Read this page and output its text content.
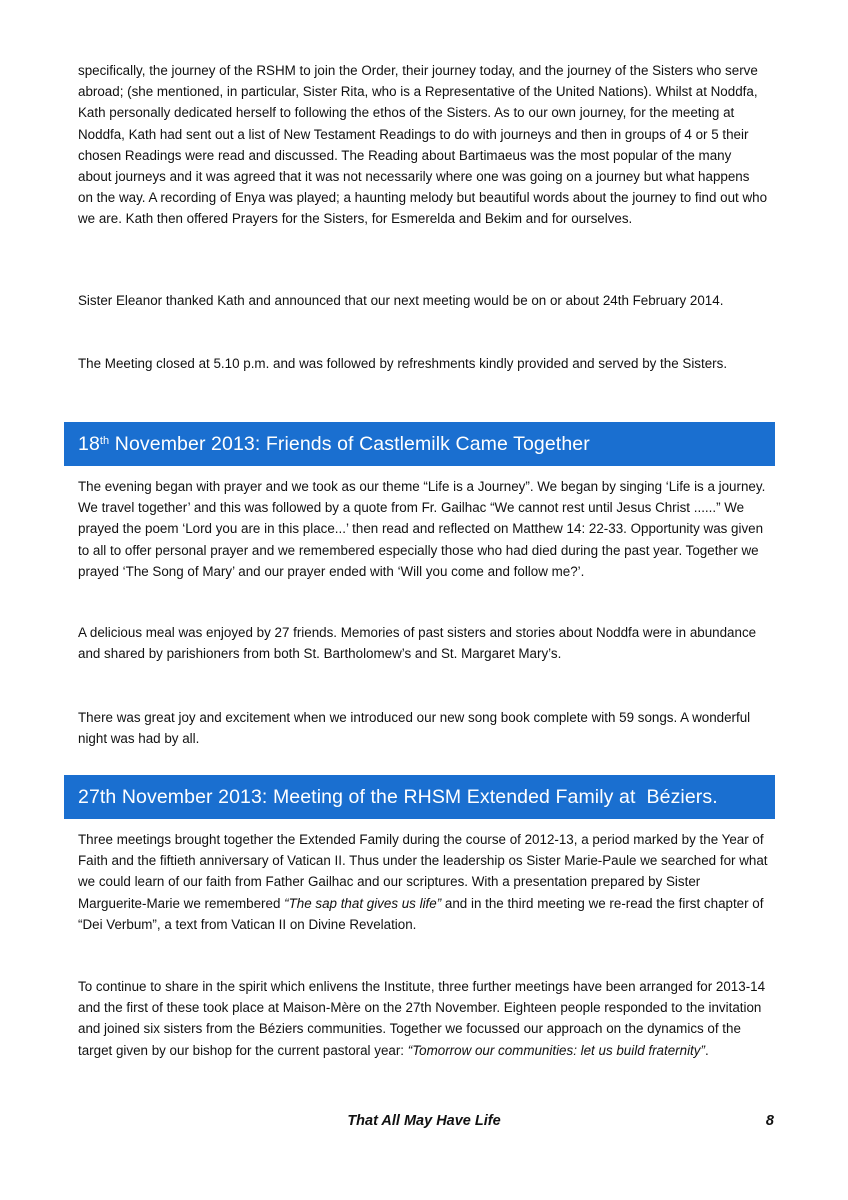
specifically, the journey of the RSHM to join the Order, their journey today, and the journey of the Sisters who serve abroad; (she mentioned, in particular, Sister Rita, who is a Representative of the United Nations). Whilst at Noddfa, Kath personally dedicated herself to following the ethos of the Sisters. As to our own journey, for the meeting at Noddfa, Kath had sent out a list of New Testament Readings to do with journeys and then in groups of 4 or 5 their chosen Readings were read and discussed. The Reading about Bartimaeus was the most popular of the many about journeys and it was agreed that it was not necessarily where one was going on a journey but what happens on the way. A recording of Enya was played; a haunting melody but beautiful words about the journey to find out who we are. Kath then offered Prayers for the Sisters, for Esmerelda and Bekim and for ourselves.

Sister Eleanor thanked Kath and announced that our next meeting would be on or about 24th February 2014.

The Meeting closed at 5.10 p.m. and was followed by refreshments kindly provided and served by the Sisters.

18th November 2013: Friends of Castlemilk Came Together

The evening began with prayer and we took as our theme “Life is a Journey”. We began by singing ‘Life is a journey. We travel together’ and this was followed by a quote from Fr. Gailhac “We cannot rest until Jesus Christ ......” We prayed the poem ‘Lord you are in this place...’ then read and reflected on Matthew 14: 22-33. Opportunity was given to all to offer personal prayer and we remembered especially those who had died during the past year. Together we prayed ‘The Song of Mary’ and our prayer ended with ‘Will you come and follow me?’.

A delicious meal was enjoyed by 27 friends. Memories of past sisters and stories about Noddfa were in abundance and shared by parishioners from both St. Bartholomew’s and St. Margaret Mary’s.

There was great joy and excitement when we introduced our new song book complete with 59 songs. A wonderful night was had by all.

27th November 2013: Meeting of the RHSM Extended Family at  Béziers.

Three meetings brought together the Extended Family during the course of 2012-13, a period marked by the Year of Faith and the fiftieth anniversary of Vatican II. Thus under the leadership os Sister Marie-Paule we searched for what we could learn of our faith from Father Gailhac and our scriptures. With a presentation prepared by Sister Marguerite-Marie we remembered “The sap that gives us life” and in the third meeting we re-read the first chapter of “Dei Verbum”, a text from Vatican II on Divine Revelation.

To continue to share in the spirit which enlivens the Institute, three further meetings have been arranged for 2013-14 and the first of these took place at Maison-Mère on the 27th November. Eighteen people responded to the invitation and joined six sisters from the Béziers communities. Together we focussed our approach on the dynamics of the target given by our bishop for the current pastoral year: “Tomorrow our communities: let us build fraternity”.

That All May Have Life	8
